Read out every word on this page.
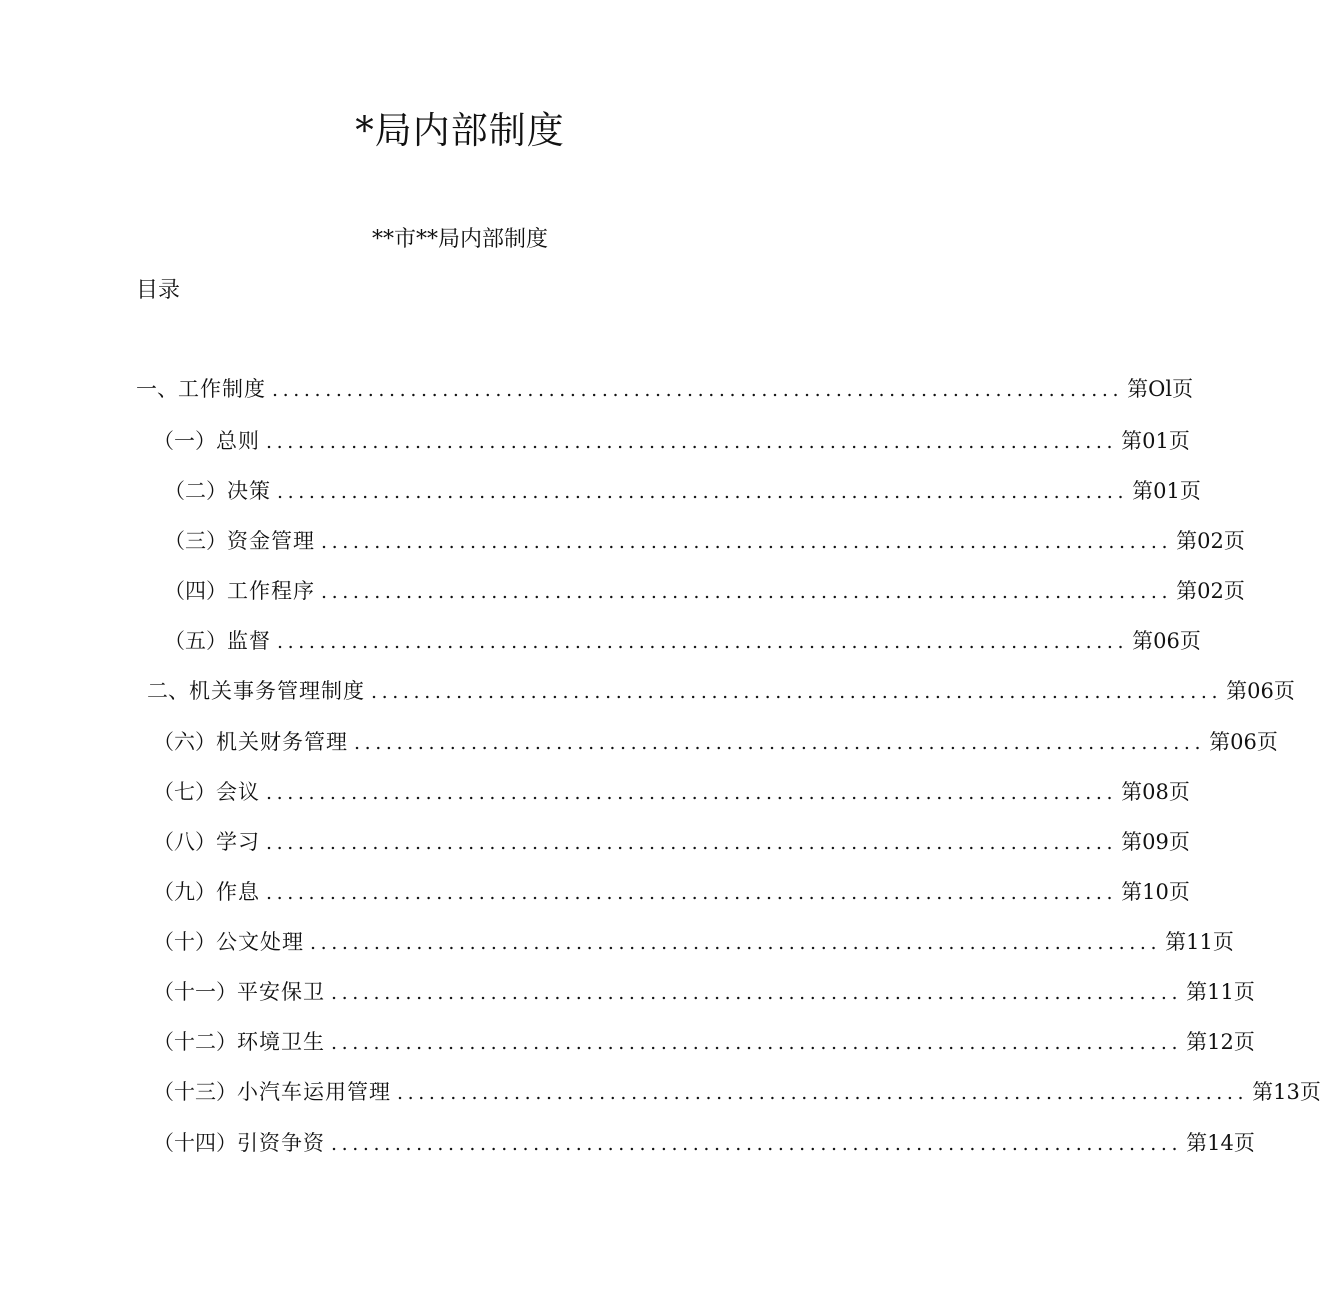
*局内部制度
**市**局内部制度
目录
一、 工作制度 ................................................................................ 第Ol页
（一） 总则 ................................................................................ 第01页
（二） 决策 ................................................................................ 第01页
（三） 资金管理 ................................................................................ 第02页
（四） 工作程序 ................................................................................ 第02页
（五） 监督 ................................................................................ 第06页
二、 机关事务管理制度 ................................................................................ 第06页
（六） 机关财务管理 ................................................................................ 第06页
（七） 会议 ................................................................................ 第08页
（八） 学习 ................................................................................ 第09页
（九） 作息 ................................................................................ 第10页
（十） 公文处理 ................................................................................ 第11页
（十一） 平安保卫 ................................................................................ 第11页
（十二） 环境卫生 ................................................................................ 第12页
（十三） 小汽车运用管理 ................................................................................ 第13页
（十四） 引资争资 ................................................................................ 第14页
